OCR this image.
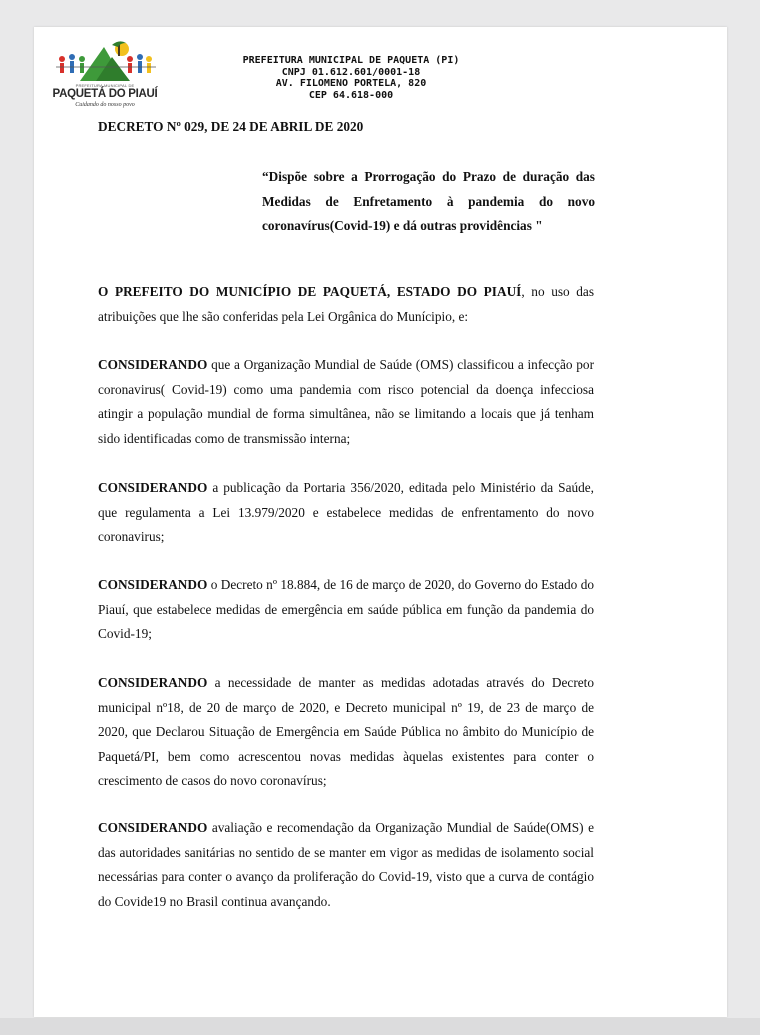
PREFEITURA MUNICIPAL DE
PAQUETÁ DO PIAUÍ
Cuidando do nosso povo
PREFEITURA MUNICIPAL DE PAQUETA (PI)
CNPJ 01.612.601/0001-18
AV. FILOMENO PORTELA, 820
CEP 64.618-000
DECRETO Nº 029, DE 24 DE ABRIL DE 2020
“Dispõe sobre a Prorrogação do Prazo de duração das Medidas de Enfretamento à pandemia do novo coronavírus(Covid-19) e dá outras providências "

O PREFEITO DO MUNICÍPIO DE PAQUETÁ, ESTADO DO PIAUÍ, no uso das atribuições que lhe são conferidas pela Lei Orgânica do Munícipio, e:

CONSIDERANDO que a Organização Mundial de Saúde (OMS) classificou a infecção por coronavirus( Covid-19) como uma pandemia com risco potencial da doença infecciosa atingir a população mundial de forma simultânea, não se limitando a locais que já tenham sido identificadas como de transmissão interna;

CONSIDERANDO a publicação da Portaria 356/2020, editada pelo Ministério da Saúde, que regulamenta a Lei 13.979/2020 e estabelece medidas de enfrentamento do novo coronavirus;

CONSIDERANDO o Decreto nº 18.884, de 16 de março de 2020, do Governo do Estado do Piauí, que estabelece medidas de emergência em saúde pública em função da pandemia do Covid-19;

CONSIDERANDO a necessidade de manter as medidas adotadas através do Decreto municipal nº18, de 20 de março de 2020, e Decreto municipal nº 19, de 23 de março de 2020, que Declarou Situação de Emergência em Saúde Pública no âmbito do Município de Paquetá/PI, bem como acrescentou novas medidas àquelas existentes para conter o crescimento de casos do novo coronavírus;

CONSIDERANDO avaliação e recomendação da Organização Mundial de Saúde(OMS) e das autoridades sanitárias no sentido de se manter em vigor as medidas de isolamento social necessárias para conter o avanço da proliferação do Covid-19, visto que a curva de contágio do Covide19 no Brasil continua avançando.
